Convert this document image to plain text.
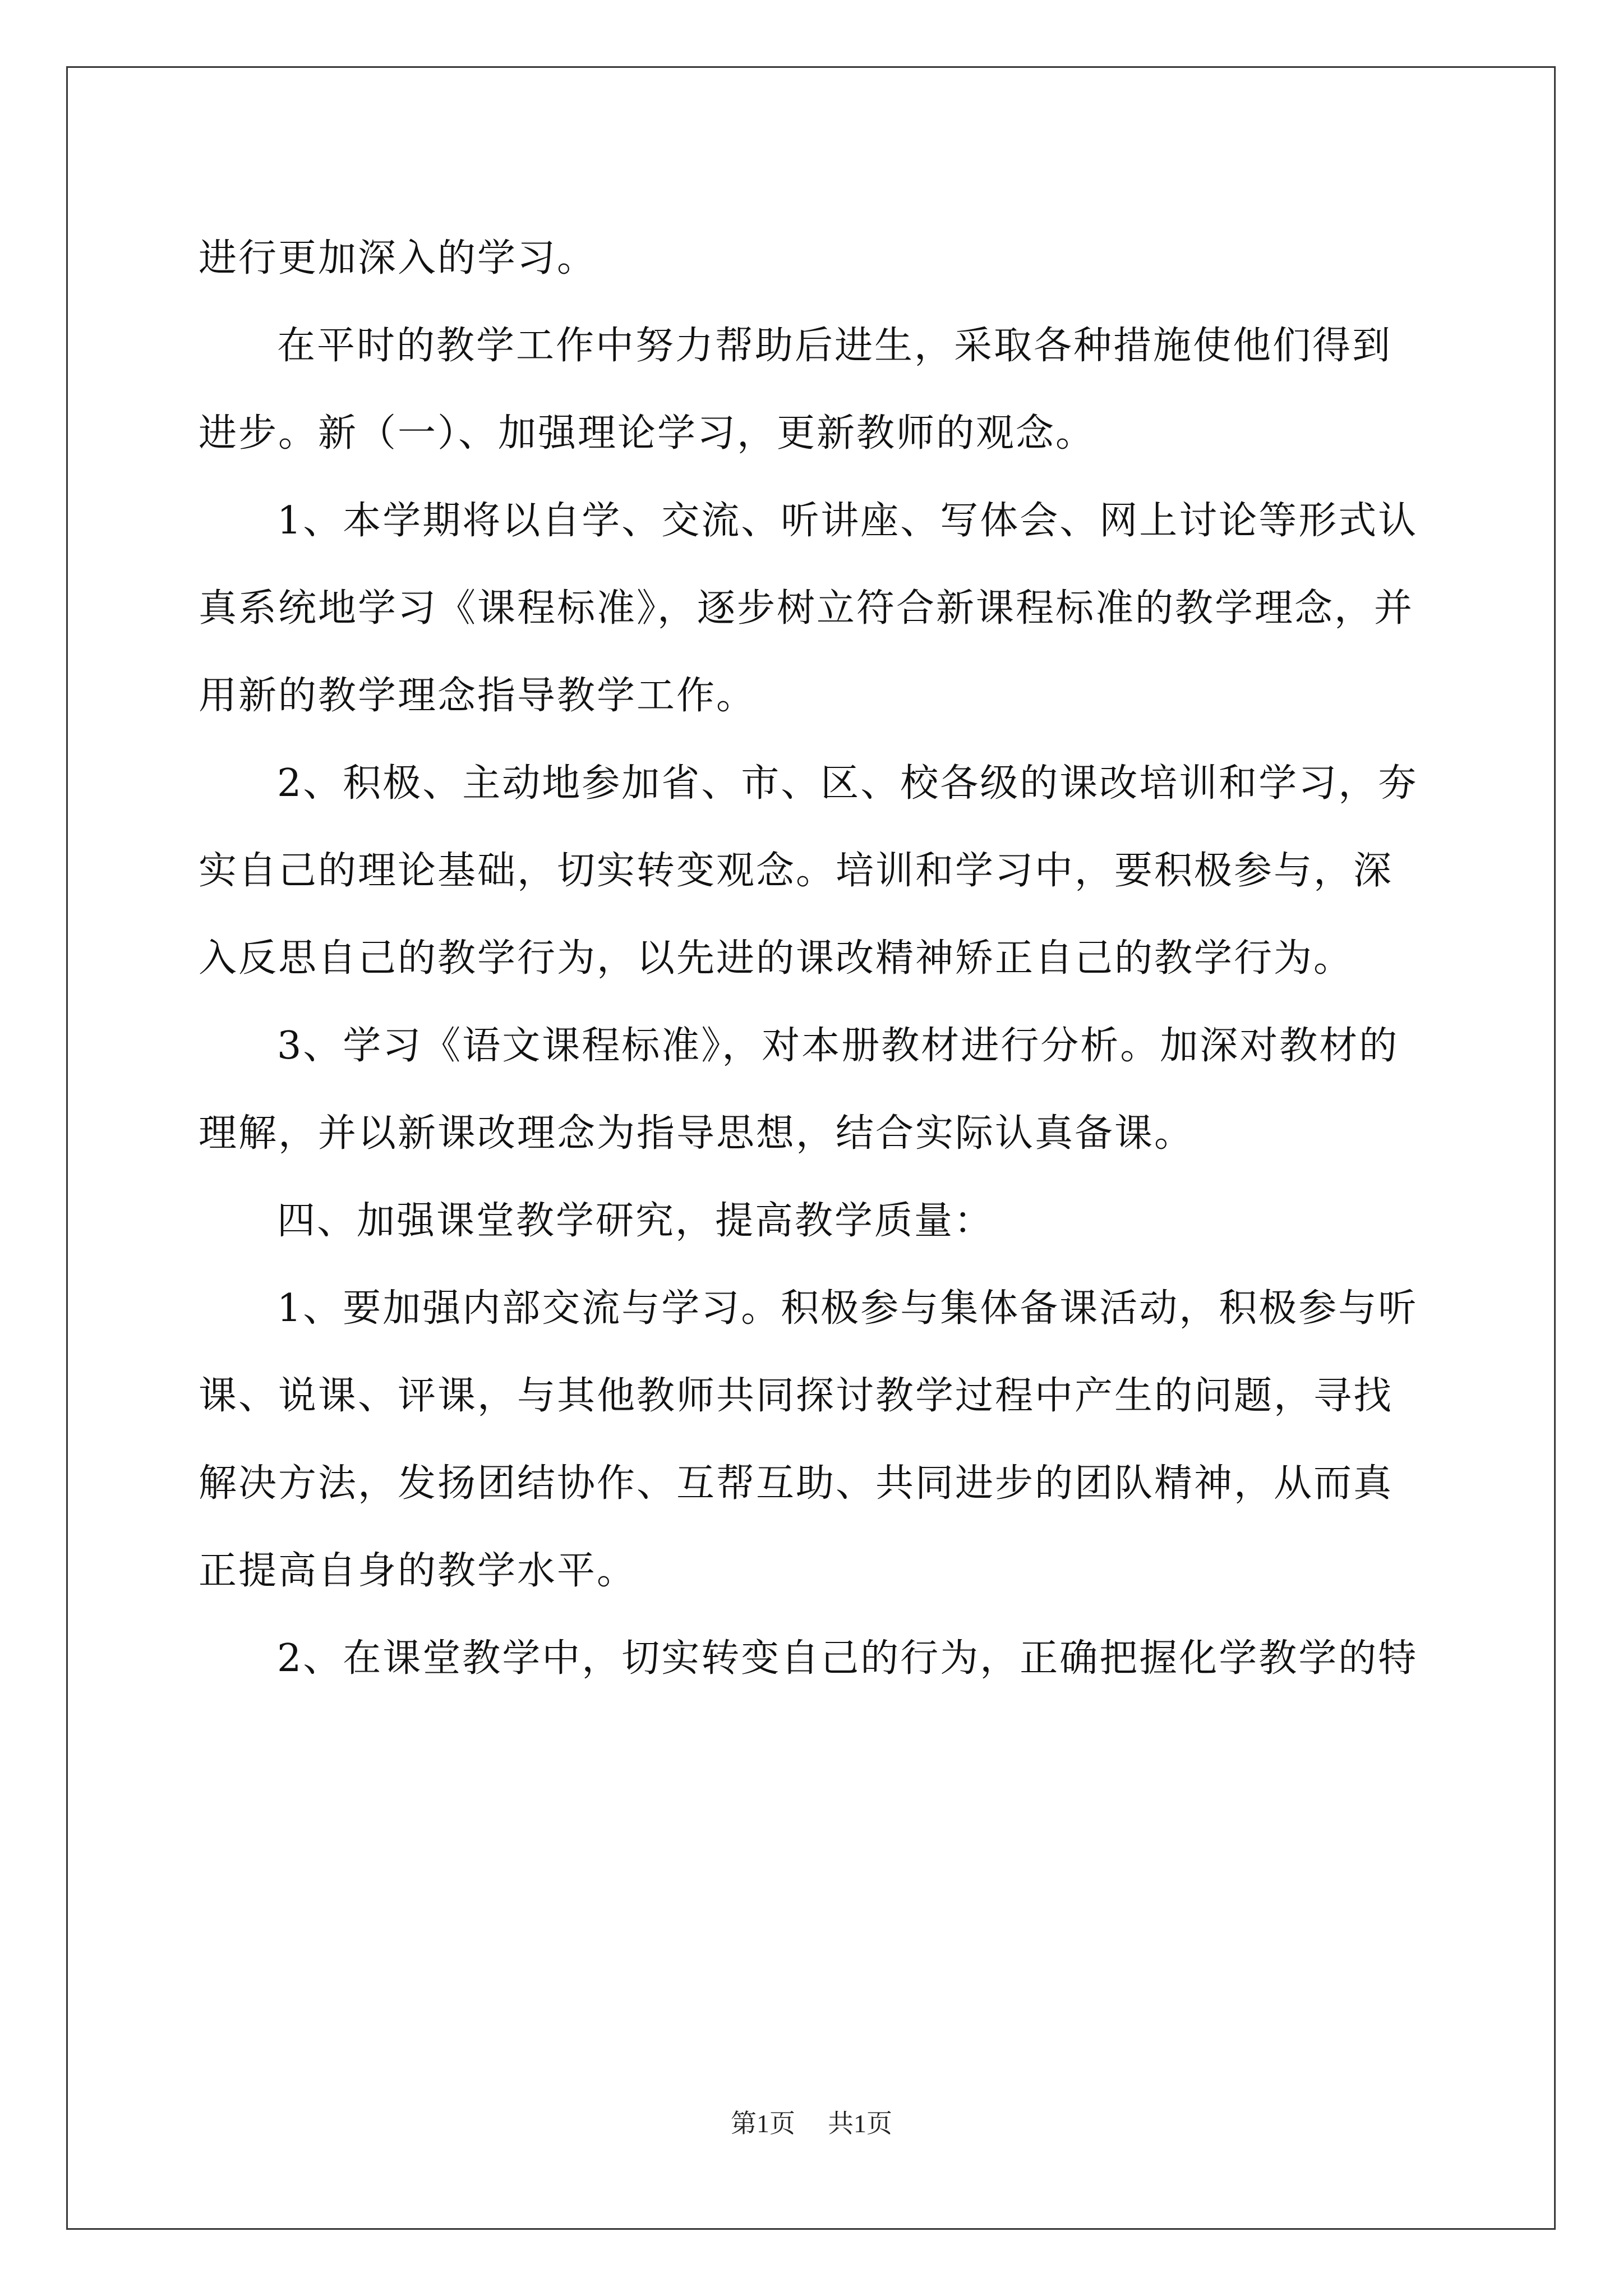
进行更加深入的学习。
在平时的教学工作中努力帮助后进生，采取各种措施使他们得到
进步。新（一）、加强理论学习，更新教师的观念。
1、本学期将以自学、交流、听讲座、写体会、网上讨论等形式认
真系统地学习《课程标准》，逐步树立符合新课程标准的教学理念，并
用新的教学理念指导教学工作。
2、积极、主动地参加省、市、区、校各级的课改培训和学习，夯
实自己的理论基础，切实转变观念。培训和学习中，要积极参与，深
入反思自己的教学行为，以先进的课改精神矫正自己的教学行为。
3、学习《语文课程标准》，对本册教材进行分析。加深对教材的
理解，并以新课改理念为指导思想，结合实际认真备课。
四、加强课堂教学研究，提高教学质量：
1、要加强内部交流与学习。积极参与集体备课活动，积极参与听
课、说课、评课，与其他教师共同探讨教学过程中产生的问题，寻找
解决方法，发扬团结协作、互帮互助、共同进步的团队精神，从而真
正提高自身的教学水平。
2、在课堂教学中，切实转变自己的行为，正确把握化学教学的特
第1页 共1页
